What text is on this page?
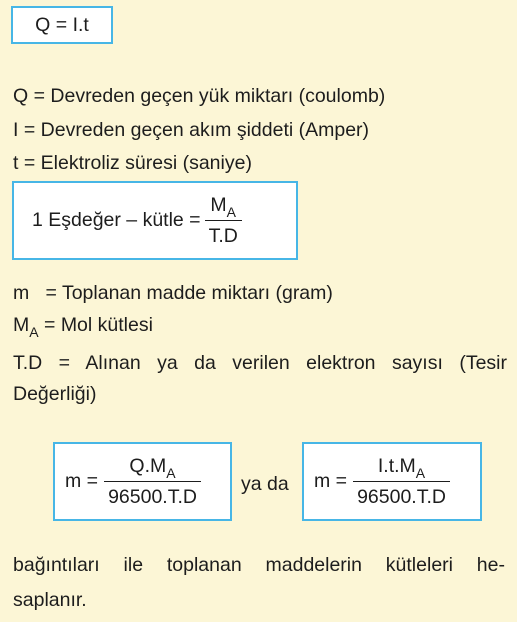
Q = I.t
Q = Devreden geçen yük miktarı (coulomb)
I = Devreden geçen akım şiddeti (Amper)
t = Elektroliz süresi (saniye)
1 Eşdeğer – kütle = $\frac{M_A}{T.D}$
m   = Toplanan madde miktarı (gram)
$M_A$ = Mol kütlesi
T.D = Alınan ya da verilen elektron sayısı (Tesir
Değerliği)
$m = \frac{Q.M_A}{96500.T.D}$ ya da $m = \frac{I.t.M_A}{96500.T.D}$
bağıntıları ile toplanan maddelerin kütleleri he-
saplanır.
